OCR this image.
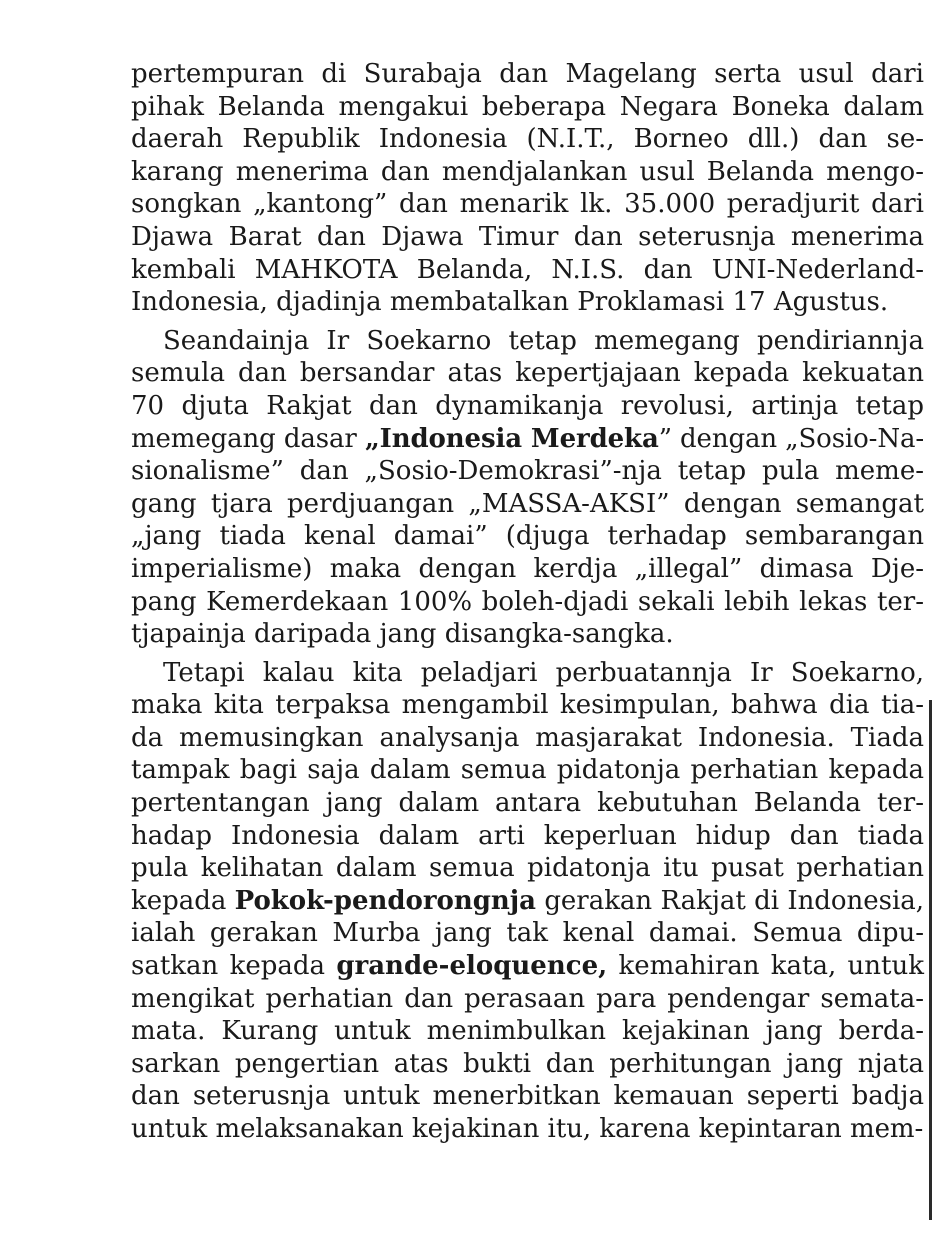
pertempuran di Surabaja dan Magelang serta usul dari
pihak Belanda mengakui beberapa Negara Boneka dalam
daerah Republik Indonesia (N.I.T., Borneo dll.) dan se-
karang menerima dan mendjalankan usul Belanda mengo-
songkan „kantong” dan menarik lk. 35.000 peradjurit dari
Djawa Barat dan Djawa Timur dan seterusnja menerima
kembali MAHKOTA Belanda, N.I.S. dan UNI-Nederland-
Indonesia, djadinja membatalkan Proklamasi 17 Agustus.
Seandainja Ir Soekarno tetap memegang pendiriannja
semula dan bersandar atas kepertjajaan kepada kekuatan
70 djuta Rakjat dan dynamikanja revolusi, artinja tetap
memegang dasar „Indonesia Merdeka” dengan „Sosio-Na-
sionalisme” dan „Sosio-Demokrasi”-nja tetap pula meme-
gang tjara perdjuangan „MASSA-AKSI” dengan semangat
„jang tiada kenal damai” (djuga terhadap sembarangan
imperialisme) maka dengan kerdja „illegal” dimasa Dje-
pang Kemerdekaan 100% boleh-djadi sekali lebih lekas ter-
tjapainja daripada jang disangka-sangka.
Tetapi kalau kita peladjari perbuatannja Ir Soekarno,
maka kita terpaksa mengambil kesimpulan, bahwa dia tia-
da memusingkan analysanja masjarakat Indonesia. Tiada
tampak bagi saja dalam semua pidatonja perhatian kepada
pertentangan jang dalam antara kebutuhan Belanda ter-
hadap Indonesia dalam arti keperluan hidup dan tiada
pula kelihatan dalam semua pidatonja itu pusat perhatian
kepada Pokok-pendorongnja gerakan Rakjat di Indonesia,
ialah gerakan Murba jang tak kenal damai. Semua dipu-
satkan kepada grande-eloquence, kemahiran kata, untuk
mengikat perhatian dan perasaan para pendengar semata-
mata. Kurang untuk menimbulkan kejakinan jang berda-
sarkan pengertian atas bukti dan perhitungan jang njata
dan seterusnja untuk menerbitkan kemauan seperti badja
untuk melaksanakan kejakinan itu, karena kepintaran mem-
